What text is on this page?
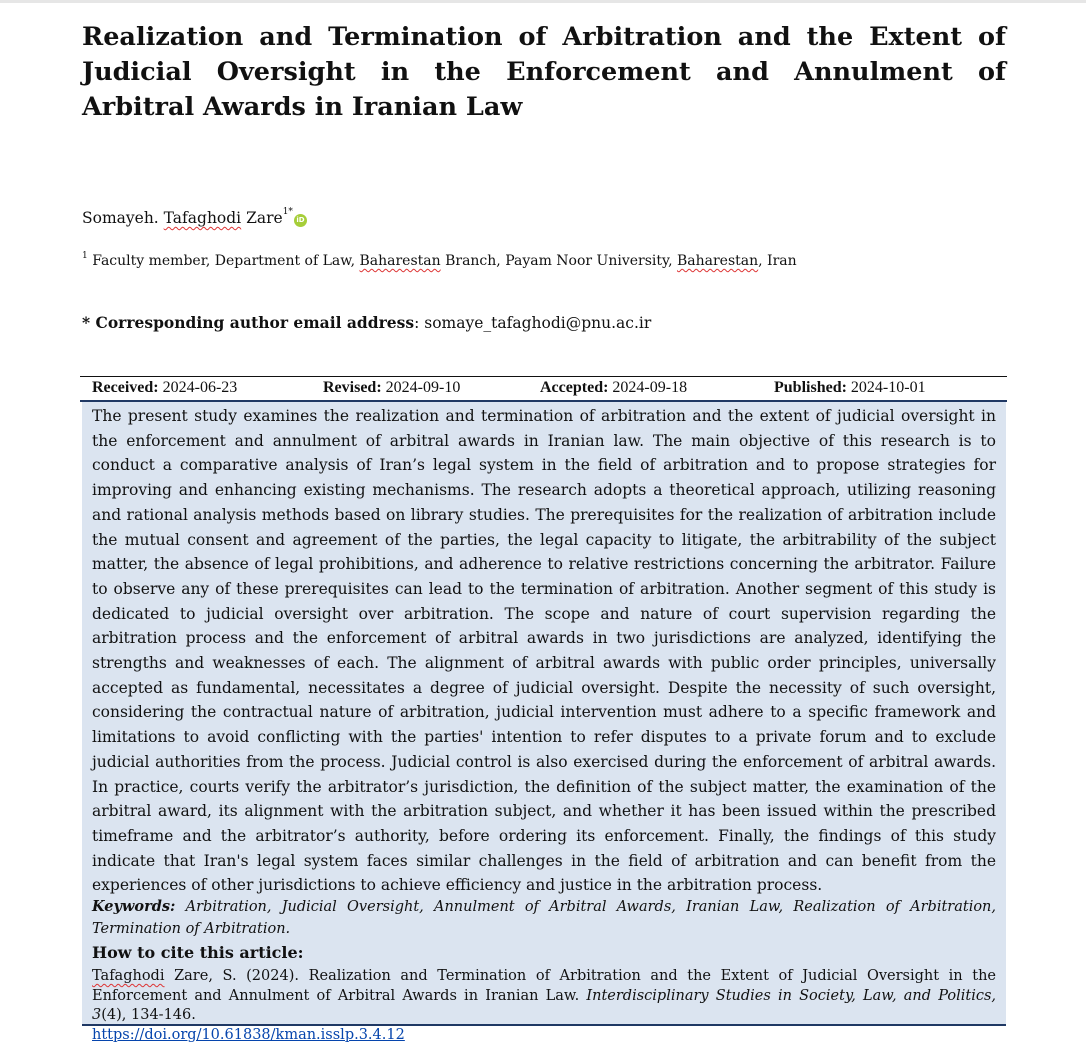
Realization and Termination of Arbitration and the Extent of Judicial Oversight in the Enforcement and Annulment of Arbitral Awards in Iranian Law
Somayeh. Tafaghodi Zare$^{1*}$iD
$^1$ Faculty member, Department of Law, Baharestan Branch, Payam Noor University, Baharestan, Iran
* Corresponding author email address: somaye_tafaghodi@pnu.ac.ir
Received: 2024-06-23	Revised: 2024-09-10	Accepted: 2024-09-18	Published: 2024-10-01

The present study examines the realization and termination of arbitration and the extent of judicial oversight in the enforcement and annulment of arbitral awards in Iranian law. The main objective of this research is to conduct a comparative analysis of Iran’s legal system in the field of arbitration and to propose strategies for improving and enhancing existing mechanisms. The research adopts a theoretical approach, utilizing reasoning and rational analysis methods based on library studies. The prerequisites for the realization of arbitration include the mutual consent and agreement of the parties, the legal capacity to litigate, the arbitrability of the subject matter, the absence of legal prohibitions, and adherence to relative restrictions concerning the arbitrator. Failure to observe any of these prerequisites can lead to the termination of arbitration. Another segment of this study is dedicated to judicial oversight over arbitration. The scope and nature of court supervision regarding the arbitration process and the enforcement of arbitral awards in two jurisdictions are analyzed, identifying the strengths and weaknesses of each. The alignment of arbitral awards with public order principles, universally accepted as fundamental, necessitates a degree of judicial oversight. Despite the necessity of such oversight, considering the contractual nature of arbitration, judicial intervention must adhere to a specific framework and limitations to avoid conflicting with the parties' intention to refer disputes to a private forum and to exclude judicial authorities from the process. Judicial control is also exercised during the enforcement of arbitral awards. In practice, courts verify the arbitrator’s jurisdiction, the definition of the subject matter, the examination of the arbitral award, its alignment with the arbitration subject, and whether it has been issued within the prescribed timeframe and the arbitrator’s authority, before ordering its enforcement. Finally, the findings of this study indicate that Iran's legal system faces similar challenges in the field of arbitration and can benefit from the experiences of other jurisdictions to achieve efficiency and justice in the arbitration process.

Keywords: Arbitration, Judicial Oversight, Annulment of Arbitral Awards, Iranian Law, Realization of Arbitration, Termination of Arbitration.

How to cite this article:

Tafaghodi Zare, S. (2024). Realization and Termination of Arbitration and the Extent of Judicial Oversight in the Enforcement and Annulment of Arbitral Awards in Iranian Law. Interdisciplinary Studies in Society, Law, and Politics, 3(4), 134-146.
https://doi.org/10.61838/kman.isslp.3.4.12
